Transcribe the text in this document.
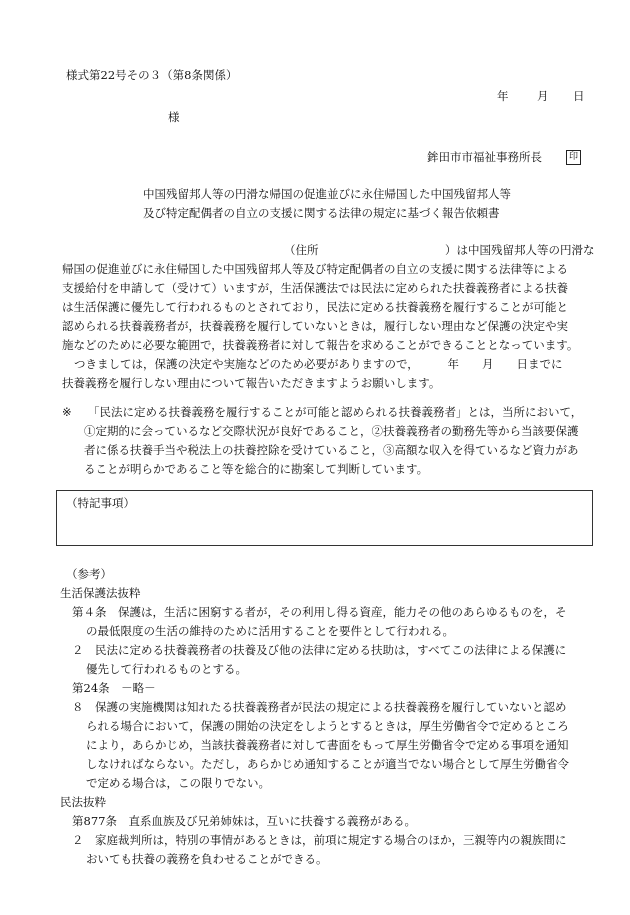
様式第22号その３（第8条関係）
年 月 日
様
鉾田市市福祉事務所長	印
中国残留邦人等の円滑な帰国の促進並びに永住帰国した中国残留邦人等
及び特定配偶者の自立の支援に関する法律の規定に基づく報告依頼書
（住所　　　　　　　　　　　）は中国残留邦人等の円滑な
帰国の促進並びに永住帰国した中国残留邦人等及び特定配偶者の自立の支援に関する法律等による
支援給付を申請して（受けて）いますが，生活保護法では民法に定められた扶養義務者による扶養
は生活保護に優先して行われるものとされており，民法に定める扶養義務を履行することが可能と
認められる扶養義務者が，扶養義務を履行していないときは，履行しない理由など保護の決定や実
施などのために必要な範囲で，扶養義務者に対して報告を求めることができることとなっています。
つきましては，保護の決定や実施などのため必要がありますので，　　　年　　月　　日までに
扶養義務を履行しない理由について報告いただきますようお願いします。
※	「民法に定める扶養義務を履行することが可能と認められる扶養義務者」とは，当所において，
①定期的に会っているなど交際状況が良好であること，②扶養義務者の勤務先等から当該要保護
者に係る扶養手当や税法上の扶養控除を受けていること，③高額な収入を得ているなど資力があ
ることが明らかであること等を総合的に勘案して判断しています。
（特記事項）
（参考）
生活保護法抜粋
第４条　保護は，生活に困窮する者が，その利用し得る資産，能力その他のあらゆるものを，そ
の最低限度の生活の維持のために活用することを要件として行われる。
２　民法に定める扶養義務者の扶養及び他の法律に定める扶助は，すべてこの法律による保護に
優先して行われるものとする。
第24条　－略－
８　保護の実施機関は知れたる扶養義務者が民法の規定による扶養義務を履行していないと認め
られる場合において，保護の開始の決定をしようとするときは，厚生労働省令で定めるところ
により，あらかじめ，当該扶養義務者に対して書面をもって厚生労働省令で定める事項を通知
しなければならない。ただし，あらかじめ通知することが適当でない場合として厚生労働省令
で定める場合は，この限りでない。
民法抜粋
第877条　直系血族及び兄弟姉妹は，互いに扶養する義務がある。
２　家庭裁判所は，特別の事情があるときは，前項に規定する場合のほか，三親等内の親族間に
おいても扶養の義務を負わせることができる。
